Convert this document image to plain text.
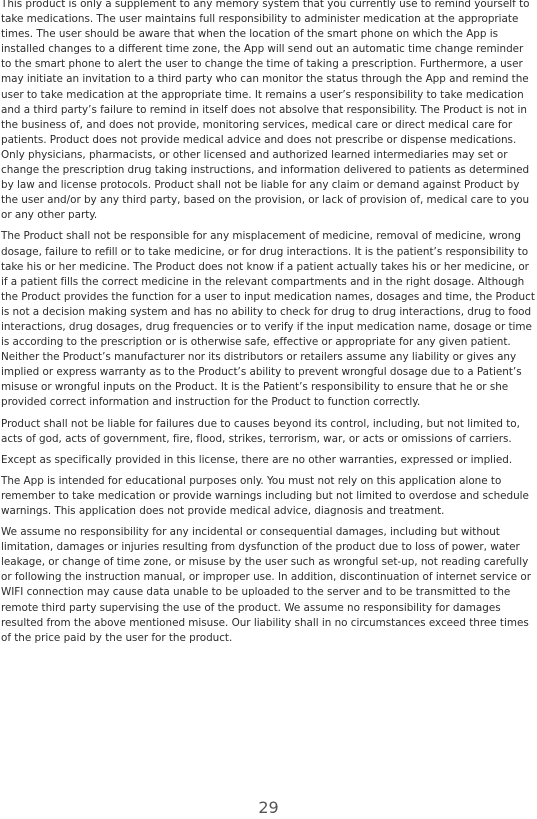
This product is only a supplement to any memory system that you currently use to remind yourself to take medications. The user maintains full responsibility to administer medication at the appropriate times. The user should be aware that when the location of the smart phone on which the App is installed changes to a different time zone, the App will send out an automatic time change reminder to the smart phone to alert the user to change the time of taking a prescription. Furthermore, a user may initiate an invitation to a third party who can monitor the status through the App and remind the user to take medication at the appropriate time. It remains a user’s responsibility to take medication and a third party’s failure to remind in itself does not absolve that responsibility. The Product is not in the business of, and does not provide, monitoring services, medical care or direct medical care for patients. Product does not provide medical advice and does not prescribe or dispense medications. Only physicians, pharmacists, or other licensed and authorized learned intermediaries may set or change the prescription drug taking instructions, and information delivered to patients as determined by law and license protocols. Product shall not be liable for any claim or demand against Product by the user and/or by any third party, based on the provision, or lack of provision of, medical care to you or any other party.

The Product shall not be responsible for any misplacement of medicine, removal of medicine, wrong dosage, failure to refill or to take medicine, or for drug interactions. It is the patient’s responsibility to take his or her medicine. The Product does not know if a patient actually takes his or her medicine, or if a patient fills the correct medicine in the relevant compartments and in the right dosage. Although the Product provides the function for a user to input medication names, dosages and time, the Product is not a decision making system and has no ability to check for drug to drug interactions, drug to food interactions, drug dosages, drug frequencies or to verify if the input medication name, dosage or time is according to the prescription or is otherwise safe, effective or appropriate for any given patient. Neither the Product’s manufacturer nor its distributors or retailers assume any liability or gives any implied or express warranty as to the Product’s ability to prevent wrongful dosage due to a Patient’s misuse or wrongful inputs on the Product. It is the Patient’s responsibility to ensure that he or she provided correct information and instruction for the Product to function correctly.

Product shall not be liable for failures due to causes beyond its control, including, but not limited to, acts of god, acts of government, fire, flood, strikes, terrorism, war, or acts or omissions of carriers.

Except as specifically provided in this license, there are no other warranties, expressed or implied.

The App is intended for educational purposes only. You must not rely on this application alone to remember to take medication or provide warnings including but not limited to overdose and schedule warnings. This application does not provide medical advice, diagnosis and treatment.

We assume no responsibility for any incidental or consequential damages, including but without limitation, damages or injuries resulting from dysfunction of the product due to loss of power, water leakage, or change of time zone, or misuse by the user such as wrongful set-up, not reading carefully or following the instruction manual, or improper use. In addition, discontinuation of internet service or WIFI connection may cause data unable to be uploaded to the server and to be transmitted to the remote third party supervising the use of the product. We assume no responsibility for damages resulted from the above mentioned misuse. Our liability shall in no circumstances exceed three times of the price paid by the user for the product.

29
